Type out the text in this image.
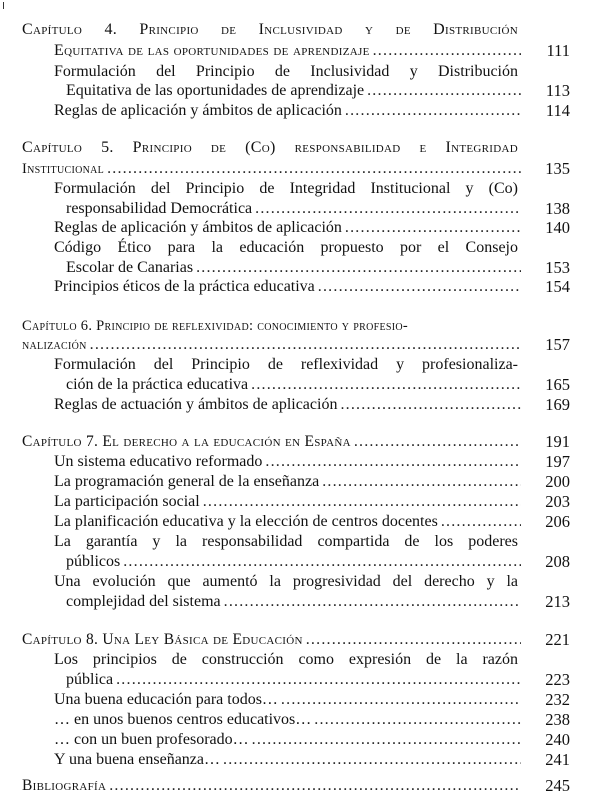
Capítulo 4. Principio de Inclusividad y de Distribución
Equitativa de las oportunidades de aprendizaje .....	111
Formulación del Principio de Inclusividad y Distribución
Equitativa de las oportunidades de aprendizaje .....	113
Reglas de aplicación y ámbitos de aplicación .....	114
Capítulo 5. Principio de (Co) responsabilidad e Integridad
Institucional .....	135
Formulación del Principio de Integridad Institucional y (Co)
responsabilidad Democrática .....	138
Reglas de aplicación y ámbitos de aplicación .....	140
Código Ético para la educación propuesto por el Consejo
Escolar de Canarias .....	153
Principios éticos de la práctica educativa .....	154
Capítulo 6. Principio de reflexividad: conocimiento y profesio-
nalización .....	157
Formulación del Principio de reflexividad y profesionaliza-
ción de la práctica educativa .....	165
Reglas de actuación y ámbitos de aplicación .....	169
Capítulo 7. El derecho a la educación en España .....	191
Un sistema educativo reformado .....	197
La programación general de la enseñanza .....	200
La participación social .....	203
La planificación educativa y la elección de centros docentes .....	206
La garantía y la responsabilidad compartida de los poderes
públicos .....	208
Una evolución que aumentó la progresividad del derecho y la
complejidad del sistema .....	213
Capítulo 8. Una Ley Básica de Educación .....	221
Los principios de construcción como expresión de la razón
pública .....	223
Una buena educación para todos… .....	232
… en unos buenos centros educativos… .....	238
… con un buen profesorado… .....	240
Y una buena enseñanza… .....	241
Bibliografía .....	245
